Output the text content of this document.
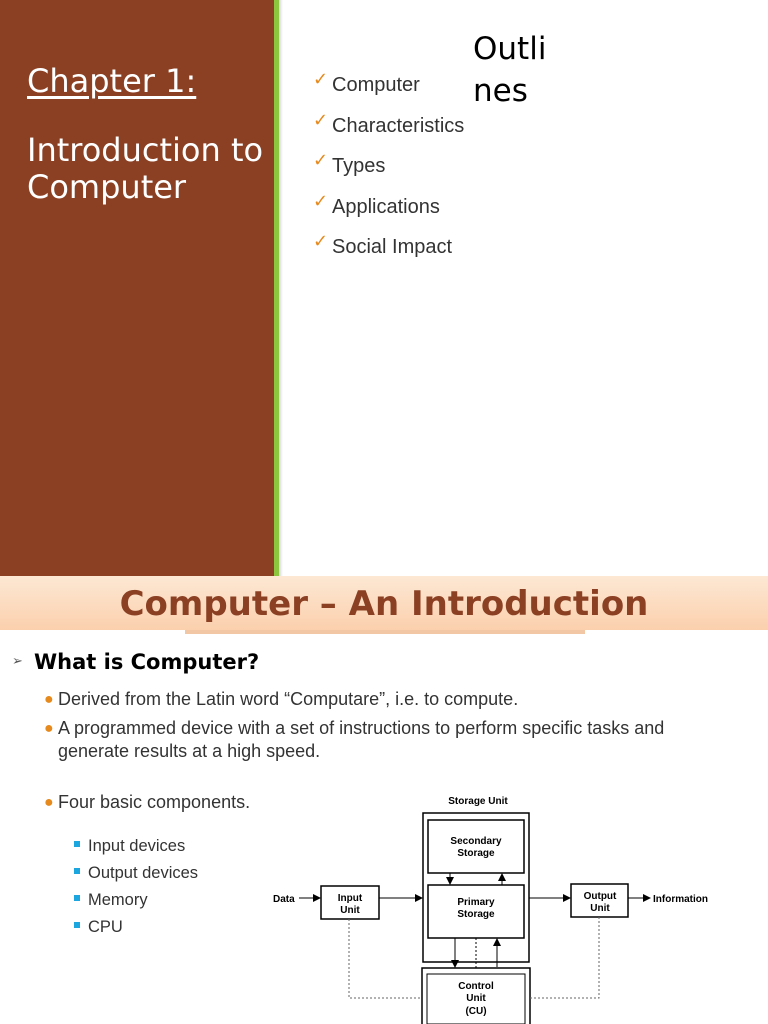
Chapter 1:
Introduction to Computer
Outlines
✓ Computer
✓ Characteristics
✓ Types
✓ Applications
✓ Social Impact
Computer – An Introduction
➢ What is Computer?
● Derived from the Latin word “Computare”, i.e. to compute.
● A programmed device with a set of instructions to perform specific tasks and generate results at a high speed.
● Four basic components.
Input devices
Output devices
Memory
CPU
Storage Unit
Secondary
Storage
Primary
Storage
Input
Unit
Output
Unit
Data	Information
Control
Unit
(CU)
